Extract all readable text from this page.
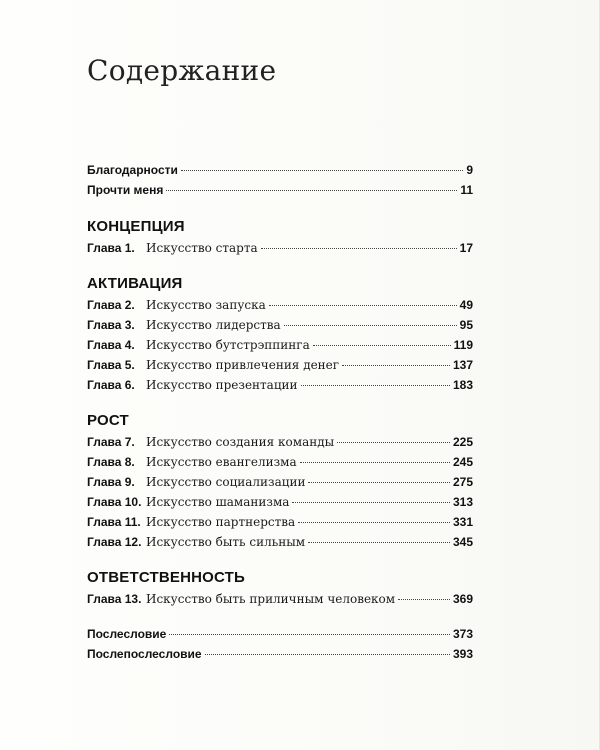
Содержание
Благодарности	9
Прочти меня	11
КОНЦЕПЦИЯ
Глава 1. Искусство старта	17
АКТИВАЦИЯ
Глава 2. Искусство запуска	49
Глава 3. Искусство лидерства	95
Глава 4. Искусство бутстрэппинга	119
Глава 5. Искусство привлечения денег	137
Глава 6. Искусство презентации	183
РОСТ
Глава 7. Искусство создания команды	225
Глава 8. Искусство евангелизма	245
Глава 9. Искусство социализации	275
Глава 10. Искусство шаманизма	313
Глава 11. Искусство партнерства	331
Глава 12. Искусство быть сильным	345
ОТВЕТСТВЕННОСТЬ
Глава 13. Искусство быть приличным человеком	369
Послесловие	373
Послепослесловие	393
